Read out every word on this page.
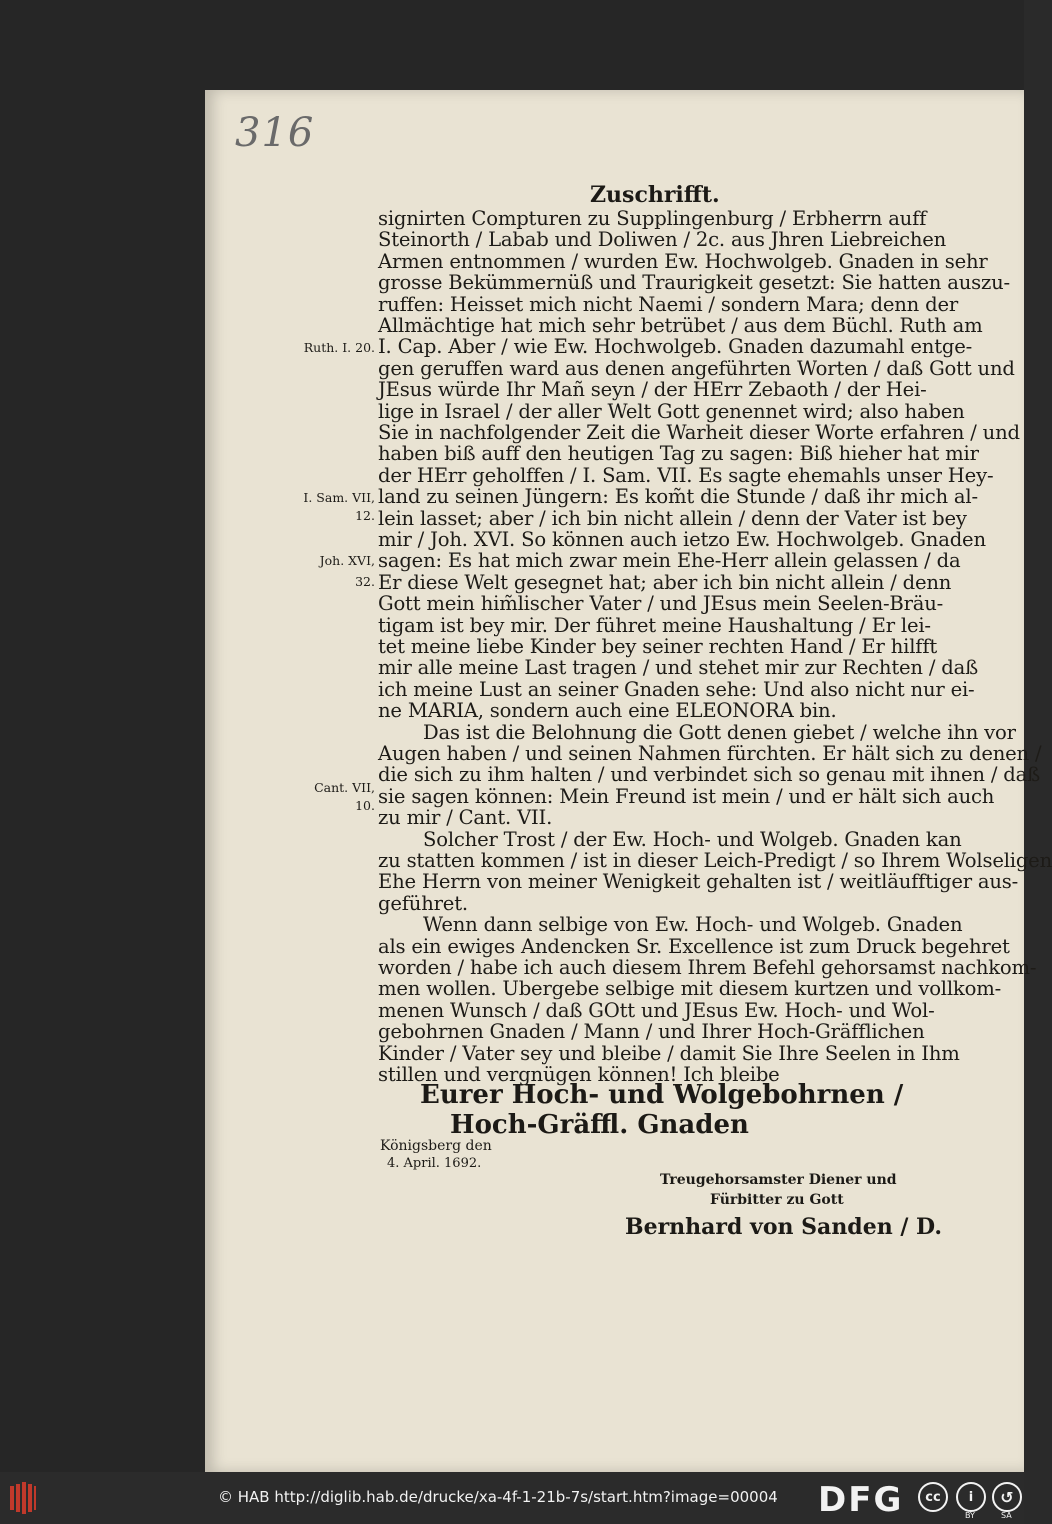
316
Zuschrifft.
signirten Compturen zu Supplingenburg / Erbherrn auff
Steinorth / Labab und Doliwen / 2c. aus Jhren Liebreichen
Armen entnommen / wurden Ew. Hochwolgeb. Gnaden in sehr
grosse Bekümmernüß und Traurigkeit gesetzt: Sie hatten auszu-
ruffen: Heisset mich nicht Naemi / sondern Mara; denn der
Allmächtige hat mich sehr betrübet / aus dem Büchl. Ruth am
I. Cap. Aber / wie Ew. Hochwolgeb. Gnaden dazumahl entge-
gen geruffen ward aus denen angeführten Worten / daß Gott und
JEsus würde Ihr Mañ seyn / der HErr Zebaoth / der Hei-
lige in Israel / der aller Welt Gott genennet wird; also haben
Sie in nachfolgender Zeit die Warheit dieser Worte erfahren / und
haben biß auff den heutigen Tag zu sagen: Biß hieher hat mir
der HErr geholffen / I. Sam. VII. Es sagte ehemahls unser Hey-
land zu seinen Jüngern: Es kom̃t die Stunde / daß ihr mich al-
lein lasset; aber / ich bin nicht allein / denn der Vater ist bey
mir / Joh. XVI. So können auch ietzo Ew. Hochwolgeb. Gnaden
sagen: Es hat mich zwar mein Ehe-Herr allein gelassen / da
Er diese Welt gesegnet hat; aber ich bin nicht allein / denn
Gott mein him̃lischer Vater / und JEsus mein Seelen-Bräu-
tigam ist bey mir. Der führet meine Haushaltung / Er lei-
tet meine liebe Kinder bey seiner rechten Hand / Er hilfft
mir alle meine Last tragen / und stehet mir zur Rechten / daß
ich meine Lust an seiner Gnaden sehe: Und also nicht nur ei-
ne MARIA, sondern auch eine ELEONORA bin.
Das ist die Belohnung die Gott denen giebet / welche ihn vor
Augen haben / und seinen Nahmen fürchten. Er hält sich zu denen /
die sich zu ihm halten / und verbindet sich so genau mit ihnen / daß
sie sagen können: Mein Freund ist mein / und er hält sich auch
zu mir / Cant. VII.
Solcher Trost / der Ew. Hoch- und Wolgeb. Gnaden kan
zu statten kommen / ist in dieser Leich-Predigt / so Ihrem Wolseligen
Ehe Herrn von meiner Wenigkeit gehalten ist / weitläufftiger aus-
geführet.
Wenn dann selbige von Ew. Hoch- und Wolgeb. Gnaden
als ein ewiges Andencken Sr. Excellence ist zum Druck begehret
worden / habe ich auch diesem Ihrem Befehl gehorsamst nachkom-
men wollen. Ubergebe selbige mit diesem kurtzen und vollkom-
menen Wunsch / daß GOtt und JEsus Ew. Hoch- und Wol-
gebohrnen Gnaden / Mann / und Ihrer Hoch-Gräfflichen
Kinder / Vater sey und bleibe / damit Sie Ihre Seelen in Ihm
stillen und vergnügen können! Ich bleibe
Ruth. I. 20.
I. Sam. VII,
12.
Joh. XVI,
32.
Cant. VII,
10.
Eurer Hoch- und Wolgebohrnen /
Hoch-Gräffl. Gnaden
Königsberg den
4. April. 1692.
Treugehorsamster Diener und
Fürbitter zu Gott
Bernhard von Sanden / D.
© HAB http://diglib.hab.de/drucke/xa-4f-1-21b-7s/start.htm?image=00004 DFG	cc	i	↺
BY	SA
